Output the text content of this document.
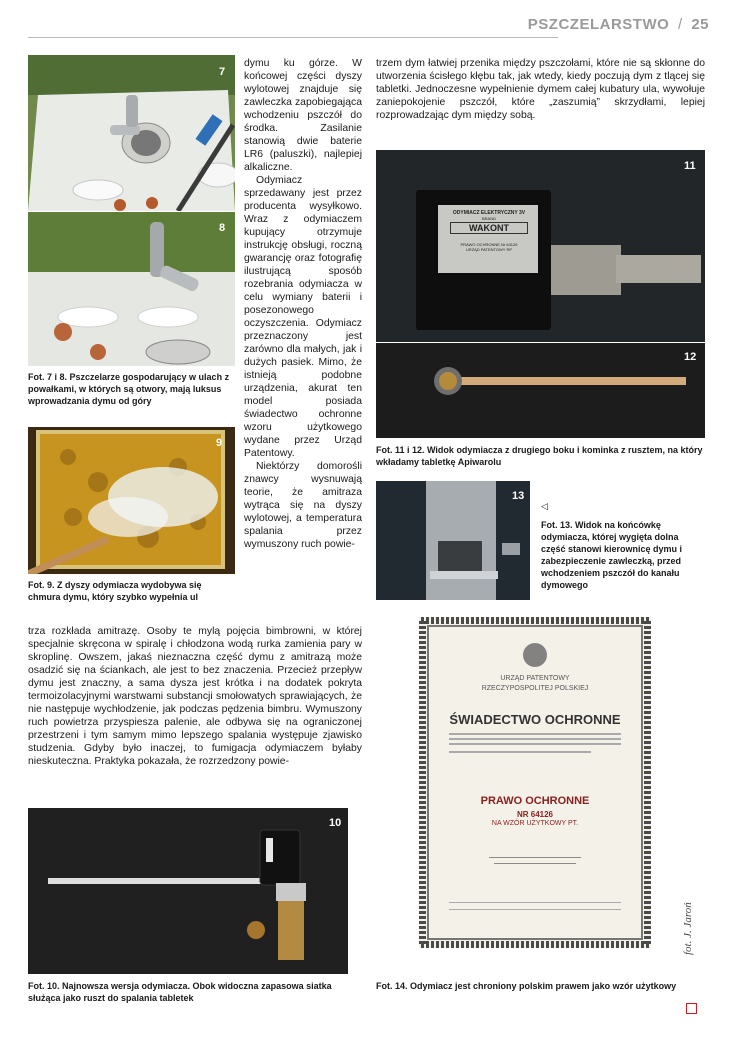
PSZCZELARSTWO / 25
7
8
Fot. 7 i 8. Pszczelarze gospodarujący w ulach z powałkami, w których są otwory, mają luksus wprowadzania dymu od góry
9
Fot. 9. Z dyszy odymiacza wydobywa się chmura dymu, który szybko wypełnia ul

dymu ku górze. W końcowej części dyszy wylotowej znajduje się zawleczka zapobiegająca wchodzeniu pszczół do środka. Zasilanie stanowią dwie baterie LR6 (paluszki), najlepiej alkaliczne.

Odymiacz sprzedawany jest przez producenta wysyłkowo. Wraz z odymiaczem kupujący otrzymuje instrukcję obsługi, roczną gwarancję oraz fotografię ilustrującą sposób rozebrania odymiacza w celu wymiany baterii i posezonowego oczyszczenia. Odymiacz przeznaczony jest zarówno dla małych, jak i dużych pasiek. Mimo, że istnieją podobne urządzenia, akurat ten model posiada świadectwo ochronne wzoru użytkowego wydane przez Urząd Patentowy.

Niektórzy domorośli znawcy wysnuwają teorie, że amitraza wytrąca się na dyszy wylotowej, a temperatura spalania przez wymuszony ruch powie-

trza rozkłada amitrazę. Osoby te mylą pojęcia bimbrowni, w której specjalnie skręcona w spiralę i chłodzona wodą rurka zamienia pary w skroplinę. Owszem, jakaś nieznaczna część dymu z amitrazą może osadzić się na ściankach, ale jest to bez znaczenia. Przecież przepływ dymu jest znaczny, a sama dysza jest krótka i na dodatek pokryta termoizolacyjnymi warstwami substancji smołowatych sprawiających, że nie następuje wychłodzenie, jak podczas pędzenia bimbru. Wymuszony ruch powietrza przyspiesza palenie, ale odbywa się na ograniczonej przestrzeni i tym samym mimo lepszego spalania występuje zjawisko studzenia. Gdyby było inaczej, to fumigacja odymiaczem byłaby nieskuteczna. Praktyka pokazała, że rozrzedzony powie-

10
Fot. 10. Najnowsza wersja odymiacza. Obok widoczna zapasowa siatka służąca jako ruszt do spalania tabletek

trzem dym łatwiej przenika między pszczołami, które nie są skłonne do utworzenia ścisłego kłębu tak, jak wtedy, kiedy poczują dym z tlącej się tabletki. Jednoczesne wypełnienie dymem całej kubatury ula, wywołuje zaniepokojenie pszczół, które „zaszumią” skrzydłami, lepiej rozprowadzając dym między sobą.

ODYMIACZ ELEKTRYCZNY 3V
BRAND
WAKONT
PRAWO OCHRONNE Nr 64126
URZĄD PATENTOWY RP
11
12
Fot. 11 i 12. Widok odymiacza z drugiego boku i kominka z rusztem, na który wkładamy tabletkę Apiwarolu
13
◁
Fot. 13. Widok na końcówkę odymiacza, której wygięta dolna część stanowi kierownicę dymu i zabezpieczenie zawleczką, przed wchodzeniem pszczół do kanału dymowego
URZĄD PATENTOWY
RZECZYPOSPOLITEJ POLSKIEJ
ŚWIADECTWO OCHRONNE
PRAWO OCHRONNE
NR 64126
NA WZÓR UŻYTKOWY PT.
fot. J. Jaroń
Fot. 14. Odymiacz jest chroniony polskim prawem jako wzór użytkowy
